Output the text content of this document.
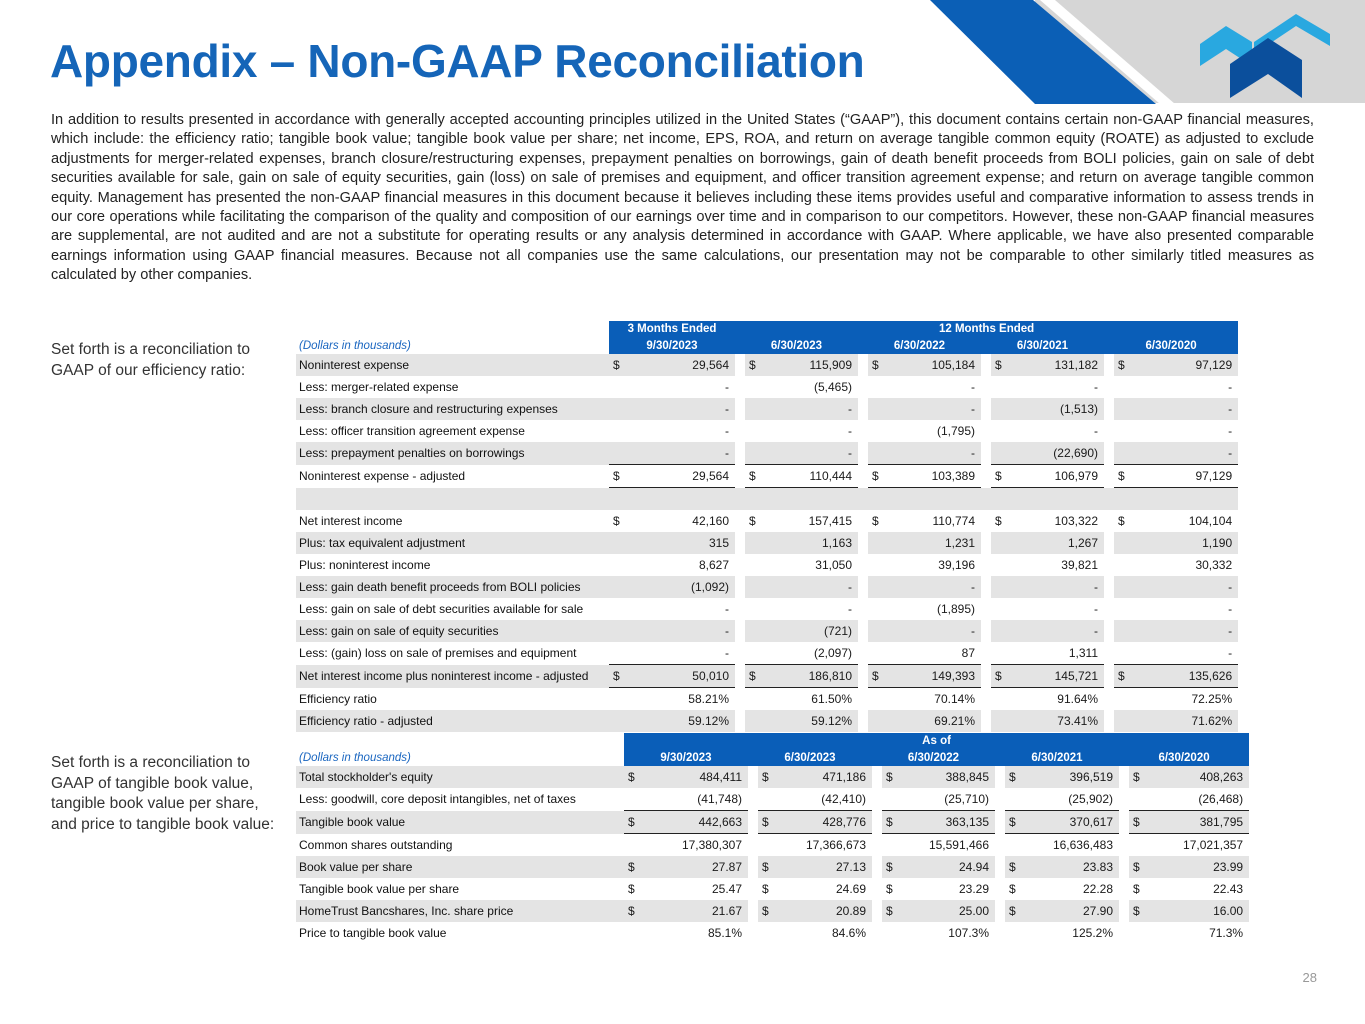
Appendix – Non-GAAP Reconciliation

In addition to results presented in accordance with generally accepted accounting principles utilized in the United States (“GAAP”), this document contains certain non-GAAP financial measures, which include: the efficiency ratio; tangible book value; tangible book value per share; net income, EPS, ROA, and return on average tangible common equity (ROATE) as adjusted to exclude adjustments for merger-related expenses, branch closure/restructuring expenses, prepayment penalties on borrowings, gain of death benefit proceeds from BOLI policies, gain on sale of debt securities available for sale, gain on sale of equity securities, gain (loss) on sale of premises and equipment, and officer transition agreement expense; and return on average tangible common equity. Management has presented the non-GAAP financial measures in this document because it believes including these items provides useful and comparative information to assess trends in our core operations while facilitating the comparison of the quality and composition of our earnings over time and in comparison to our competitors. However, these non-GAAP financial measures are supplemental, are not audited and are not a substitute for operating results or any analysis determined in accordance with GAAP. Where applicable, we have also presented comparable earnings information using GAAP financial measures. Because not all companies use the same calculations, our presentation may not be comparable to other similarly titled measures as calculated by other companies.

Set forth is a reconciliation to GAAP of our efficiency ratio:

Set forth is a reconciliation to GAAP of tangible book value, tangible book value per share, and price to tangible book value:

	3 Months Ended		12 Months Ended											
(Dollars in thousands)	9/30/2023		6/30/2023			6/30/2022			6/30/2021			6/30/2020		
Noninterest expense	$	29,564		$	115,909		$	105,184		$	131,182		$	97,129
Less: merger-related expense		-			(5,465)			-			-			-
Less: branch closure and restructuring expenses		-			-			-			(1,513)			-
Less: officer transition agreement expense		-			-			(1,795)			-			-
Less: prepayment penalties on borrowings		-			-			-			(22,690)			-
Noninterest expense - adjusted	$	29,564		$	110,444		$	103,389		$	106,979		$	97,129

Net interest income	$	42,160		$	157,415		$	110,774		$	103,322		$	104,104
Plus: tax equivalent adjustment		315			1,163			1,231			1,267			1,190
Plus: noninterest income		8,627			31,050			39,196			39,821			30,332
Less: gain death benefit proceeds from BOLI policies		(1,092)			-			-			-			-
Less: gain on sale of debt securities available for sale		-			-			(1,895)			-			-
Less: gain on sale of equity securities		-			(721)			-			-			-
Less: (gain) loss on sale of premises and equipment		-			(2,097)			87			1,311			-
Net interest income plus noninterest income - adjusted	$	50,010		$	186,810		$	149,393		$	145,721		$	135,626
Efficiency ratio		58.21%			61.50%			70.14%			91.64%			72.25%
Efficiency ratio - adjusted		59.12%			59.12%			69.21%			73.41%			71.62%
	As of													
(Dollars in thousands)	9/30/2023		6/30/2023			6/30/2022			6/30/2021			6/30/2020		
Total stockholder's equity	$	484,411		$	471,186		$	388,845		$	396,519		$	408,263
Less: goodwill, core deposit intangibles, net of taxes		(41,748)			(42,410)			(25,710)			(25,902)			(26,468)
Tangible book value	$	442,663		$	428,776		$	363,135		$	370,617		$	381,795
Common shares outstanding		17,380,307			17,366,673			15,591,466			16,636,483			17,021,357
Book value per share	$	27.87		$	27.13		$	24.94		$	23.83		$	23.99
Tangible book value per share	$	25.47		$	24.69		$	23.29		$	22.28		$	22.43
HomeTrust Bancshares, Inc. share price	$	21.67		$	20.89		$	25.00		$	27.90		$	16.00
Price to tangible book value		85.1%			84.6%			107.3%			125.2%			71.3%
28
